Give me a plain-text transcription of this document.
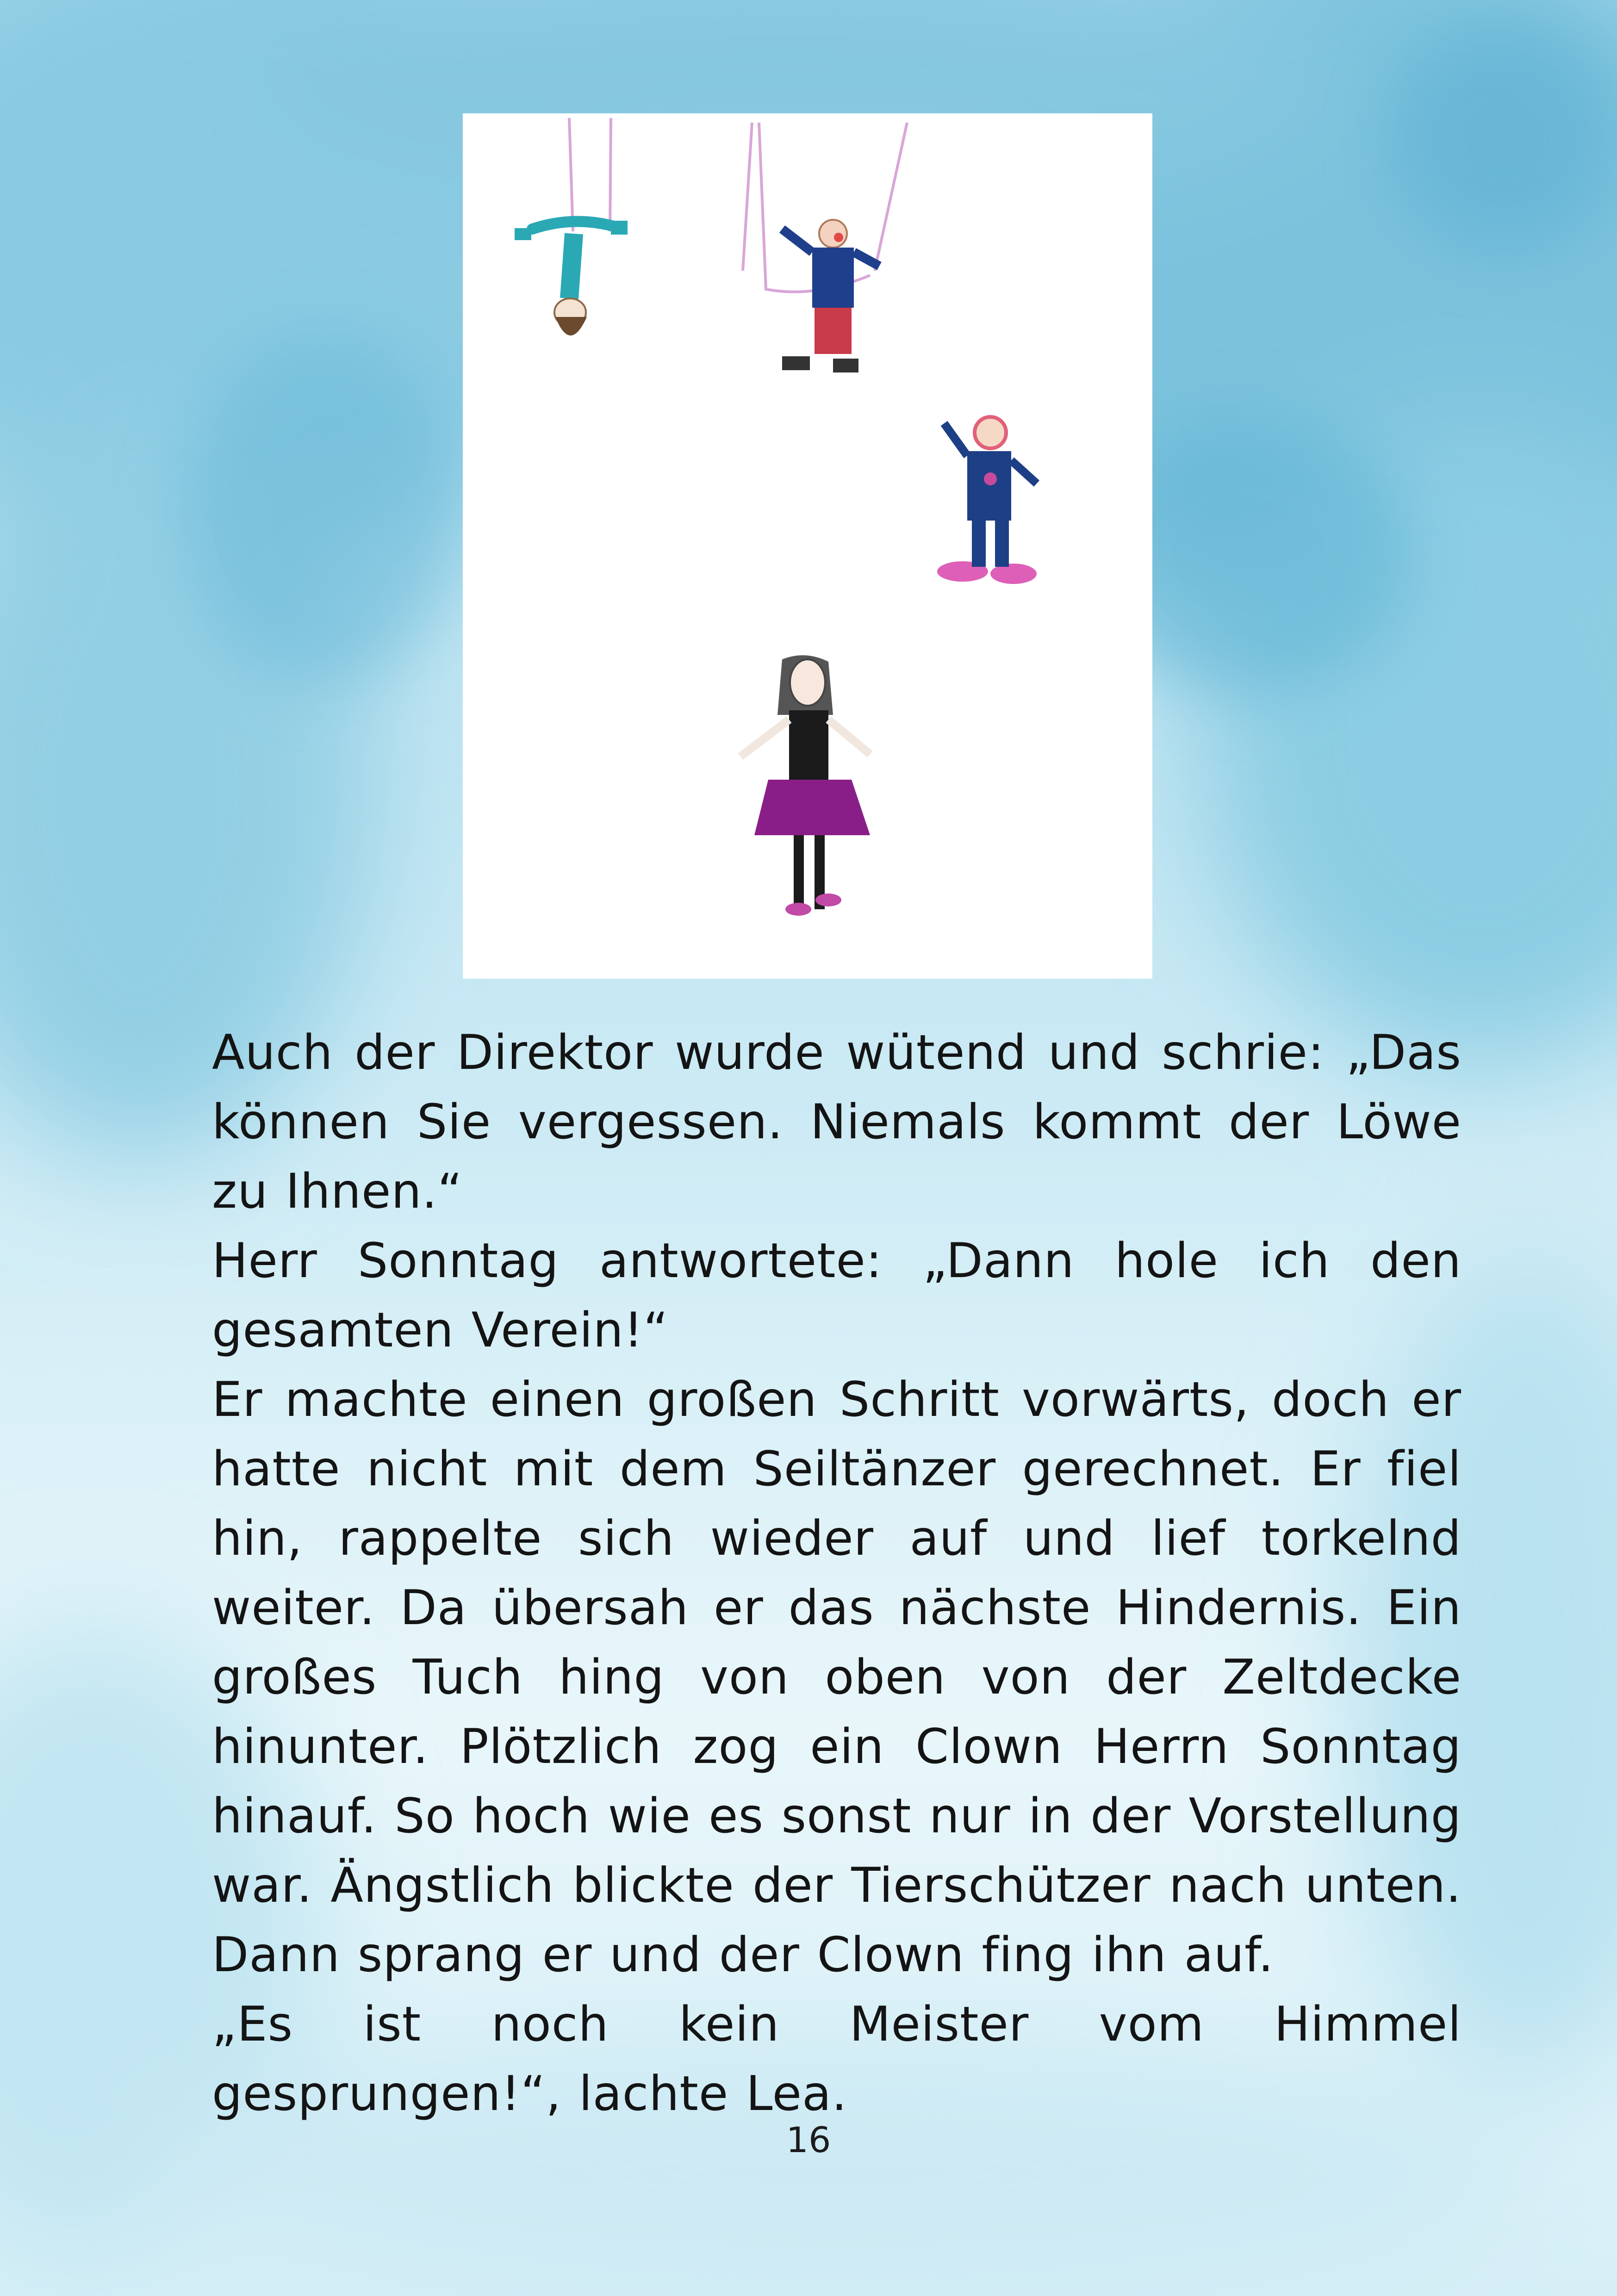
Auch der Direktor wurde wütend und schrie: „Das können Sie vergessen. Niemals kommt der Löwe zu Ihnen.“

Herr Sonntag antwortete: „Dann hole ich den gesamten Verein!“

Er machte einen großen Schritt vorwärts, doch er hatte nicht mit dem Seiltänzer gerechnet. Er fiel hin, rappelte sich wieder auf und lief torkelnd weiter. Da übersah er das nächste Hindernis. Ein großes Tuch hing von oben von der Zeltdecke hinunter. Plötzlich zog ein Clown Herrn Sonntag hinauf. So hoch wie es sonst nur in der Vorstellung war. Ängstlich blickte der Tierschützer nach unten. Dann sprang er und der Clown fing ihn auf.

„Es ist noch kein Meister vom Himmel gesprungen!“, lachte Lea.

16
